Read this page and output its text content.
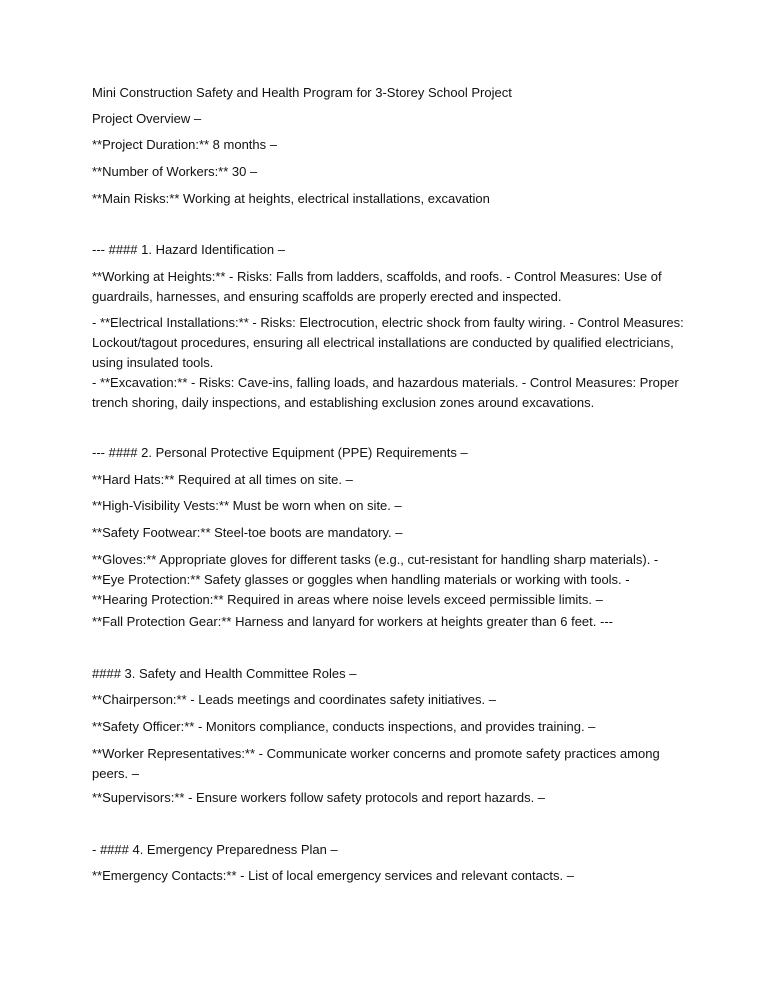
Mini Construction Safety and Health Program for 3-Storey School Project

Project Overview –

**Project Duration:** 8 months –

**Number of Workers:** 30 –

**Main Risks:** Working at heights, electrical installations, excavation

--- #### 1. Hazard Identification –

**Working at Heights:** - Risks: Falls from ladders, scaffolds, and roofs. - Control Measures: Use of guardrails, harnesses, and ensuring scaffolds are properly erected and inspected.

- **Electrical Installations:** - Risks: Electrocution, electric shock from faulty wiring. - Control Measures: Lockout/tagout procedures, ensuring all electrical installations are conducted by qualified electricians, using insulated tools.

- **Excavation:** - Risks: Cave-ins, falling loads, and hazardous materials. - Control Measures: Proper trench shoring, daily inspections, and establishing exclusion zones around excavations.

--- #### 2. Personal Protective Equipment (PPE) Requirements –

**Hard Hats:** Required at all times on site. –

**High-Visibility Vests:** Must be worn when on site. –

**Safety Footwear:** Steel-toe boots are mandatory. –

**Gloves:** Appropriate gloves for different tasks (e.g., cut-resistant for handling sharp materials). - **Eye Protection:** Safety glasses or goggles when handling materials or working with tools. - **Hearing Protection:** Required in areas where noise levels exceed permissible limits. –

**Fall Protection Gear:** Harness and lanyard for workers at heights greater than 6 feet. ---

#### 3. Safety and Health Committee Roles –

**Chairperson:** - Leads meetings and coordinates safety initiatives. –

**Safety Officer:** - Monitors compliance, conducts inspections, and provides training. –

**Worker Representatives:** - Communicate worker concerns and promote safety practices among peers. –

**Supervisors:** - Ensure workers follow safety protocols and report hazards. –

- #### 4. Emergency Preparedness Plan –

**Emergency Contacts:** - List of local emergency services and relevant contacts. –
